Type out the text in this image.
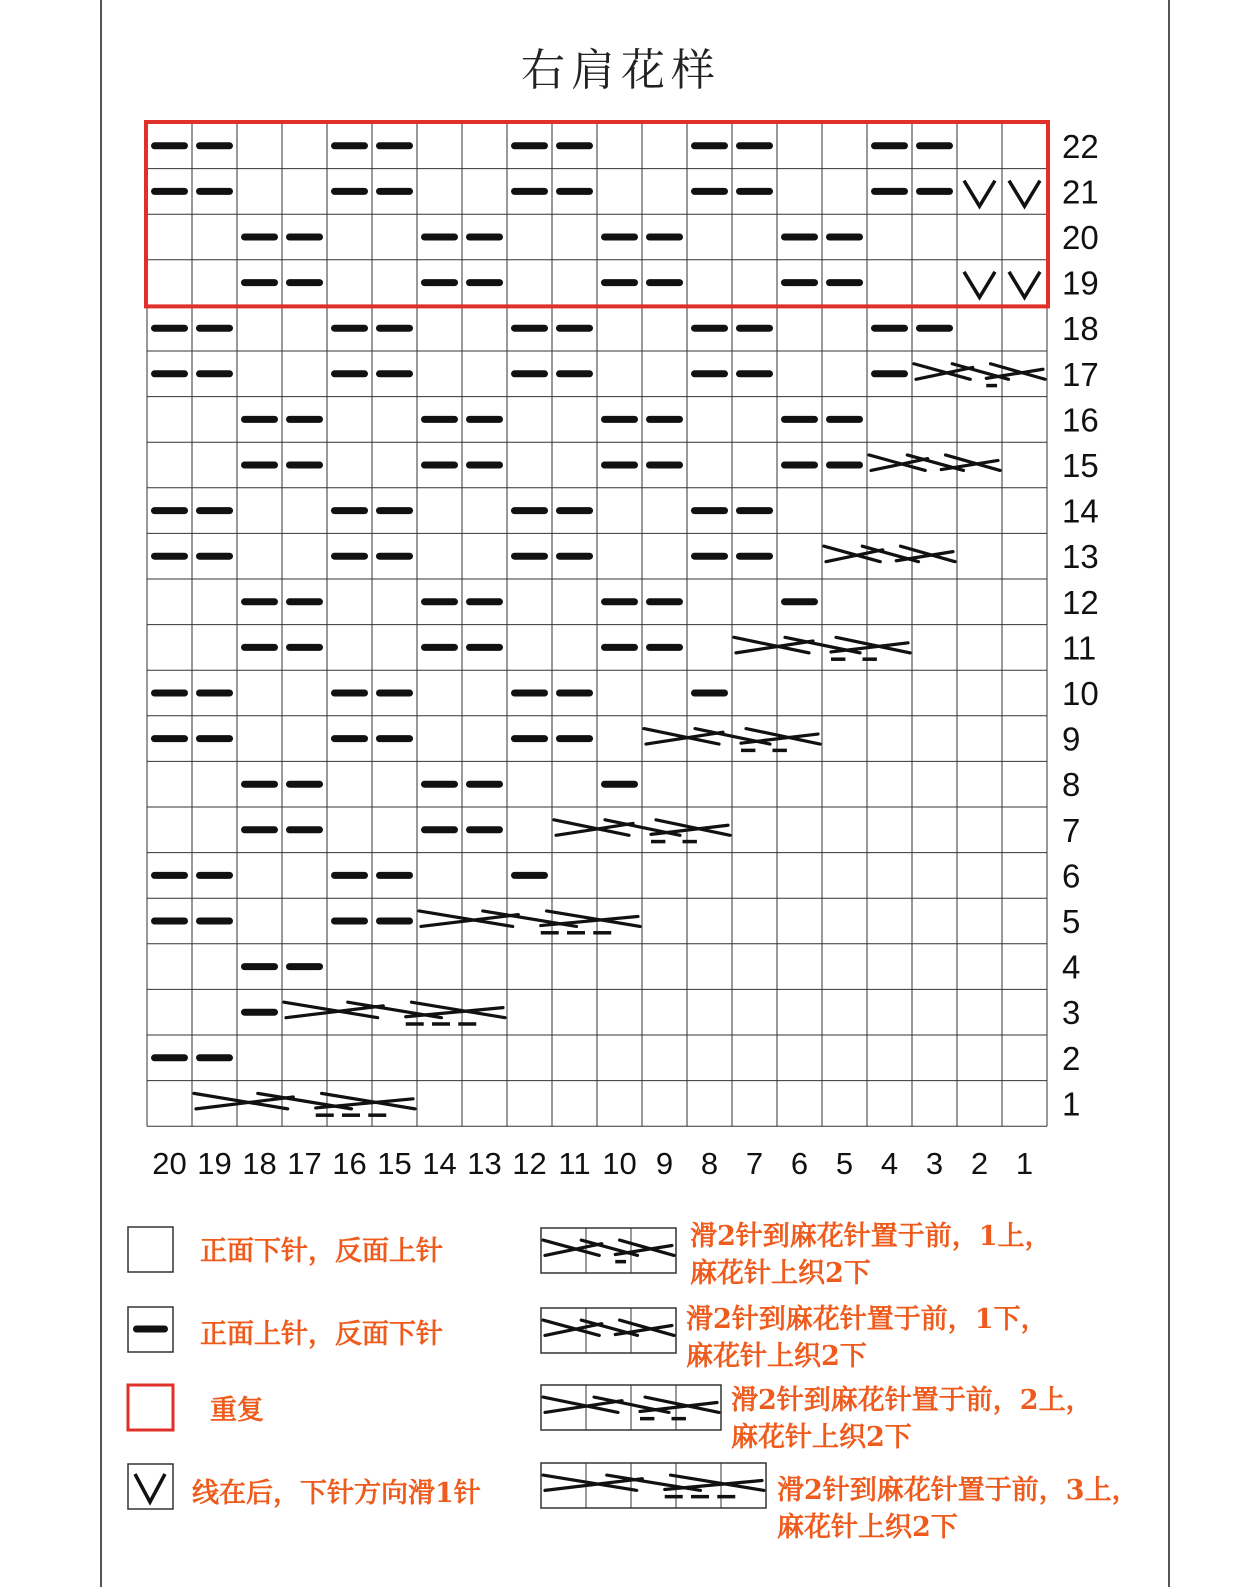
右肩花样
22
21
20
19
18
17
16
15
14
13
12
11
10
9
8
7
6
5
4
3
2
1
20 19 18 17 16 15 14 13 12 11 10 9 8 7 6 5 4 3 2 1
正面下针，反面上针
正面上针，反面下针
重复
线在后，下针方向滑1针
滑2针到麻花针置于前，1上，
麻花针上织2下
滑2针到麻花针置于前，1下，
麻花针上织2下
滑2针到麻花针置于前，2上，
麻花针上织2下
滑2针到麻花针置于前，3上，
麻花针上织2下
